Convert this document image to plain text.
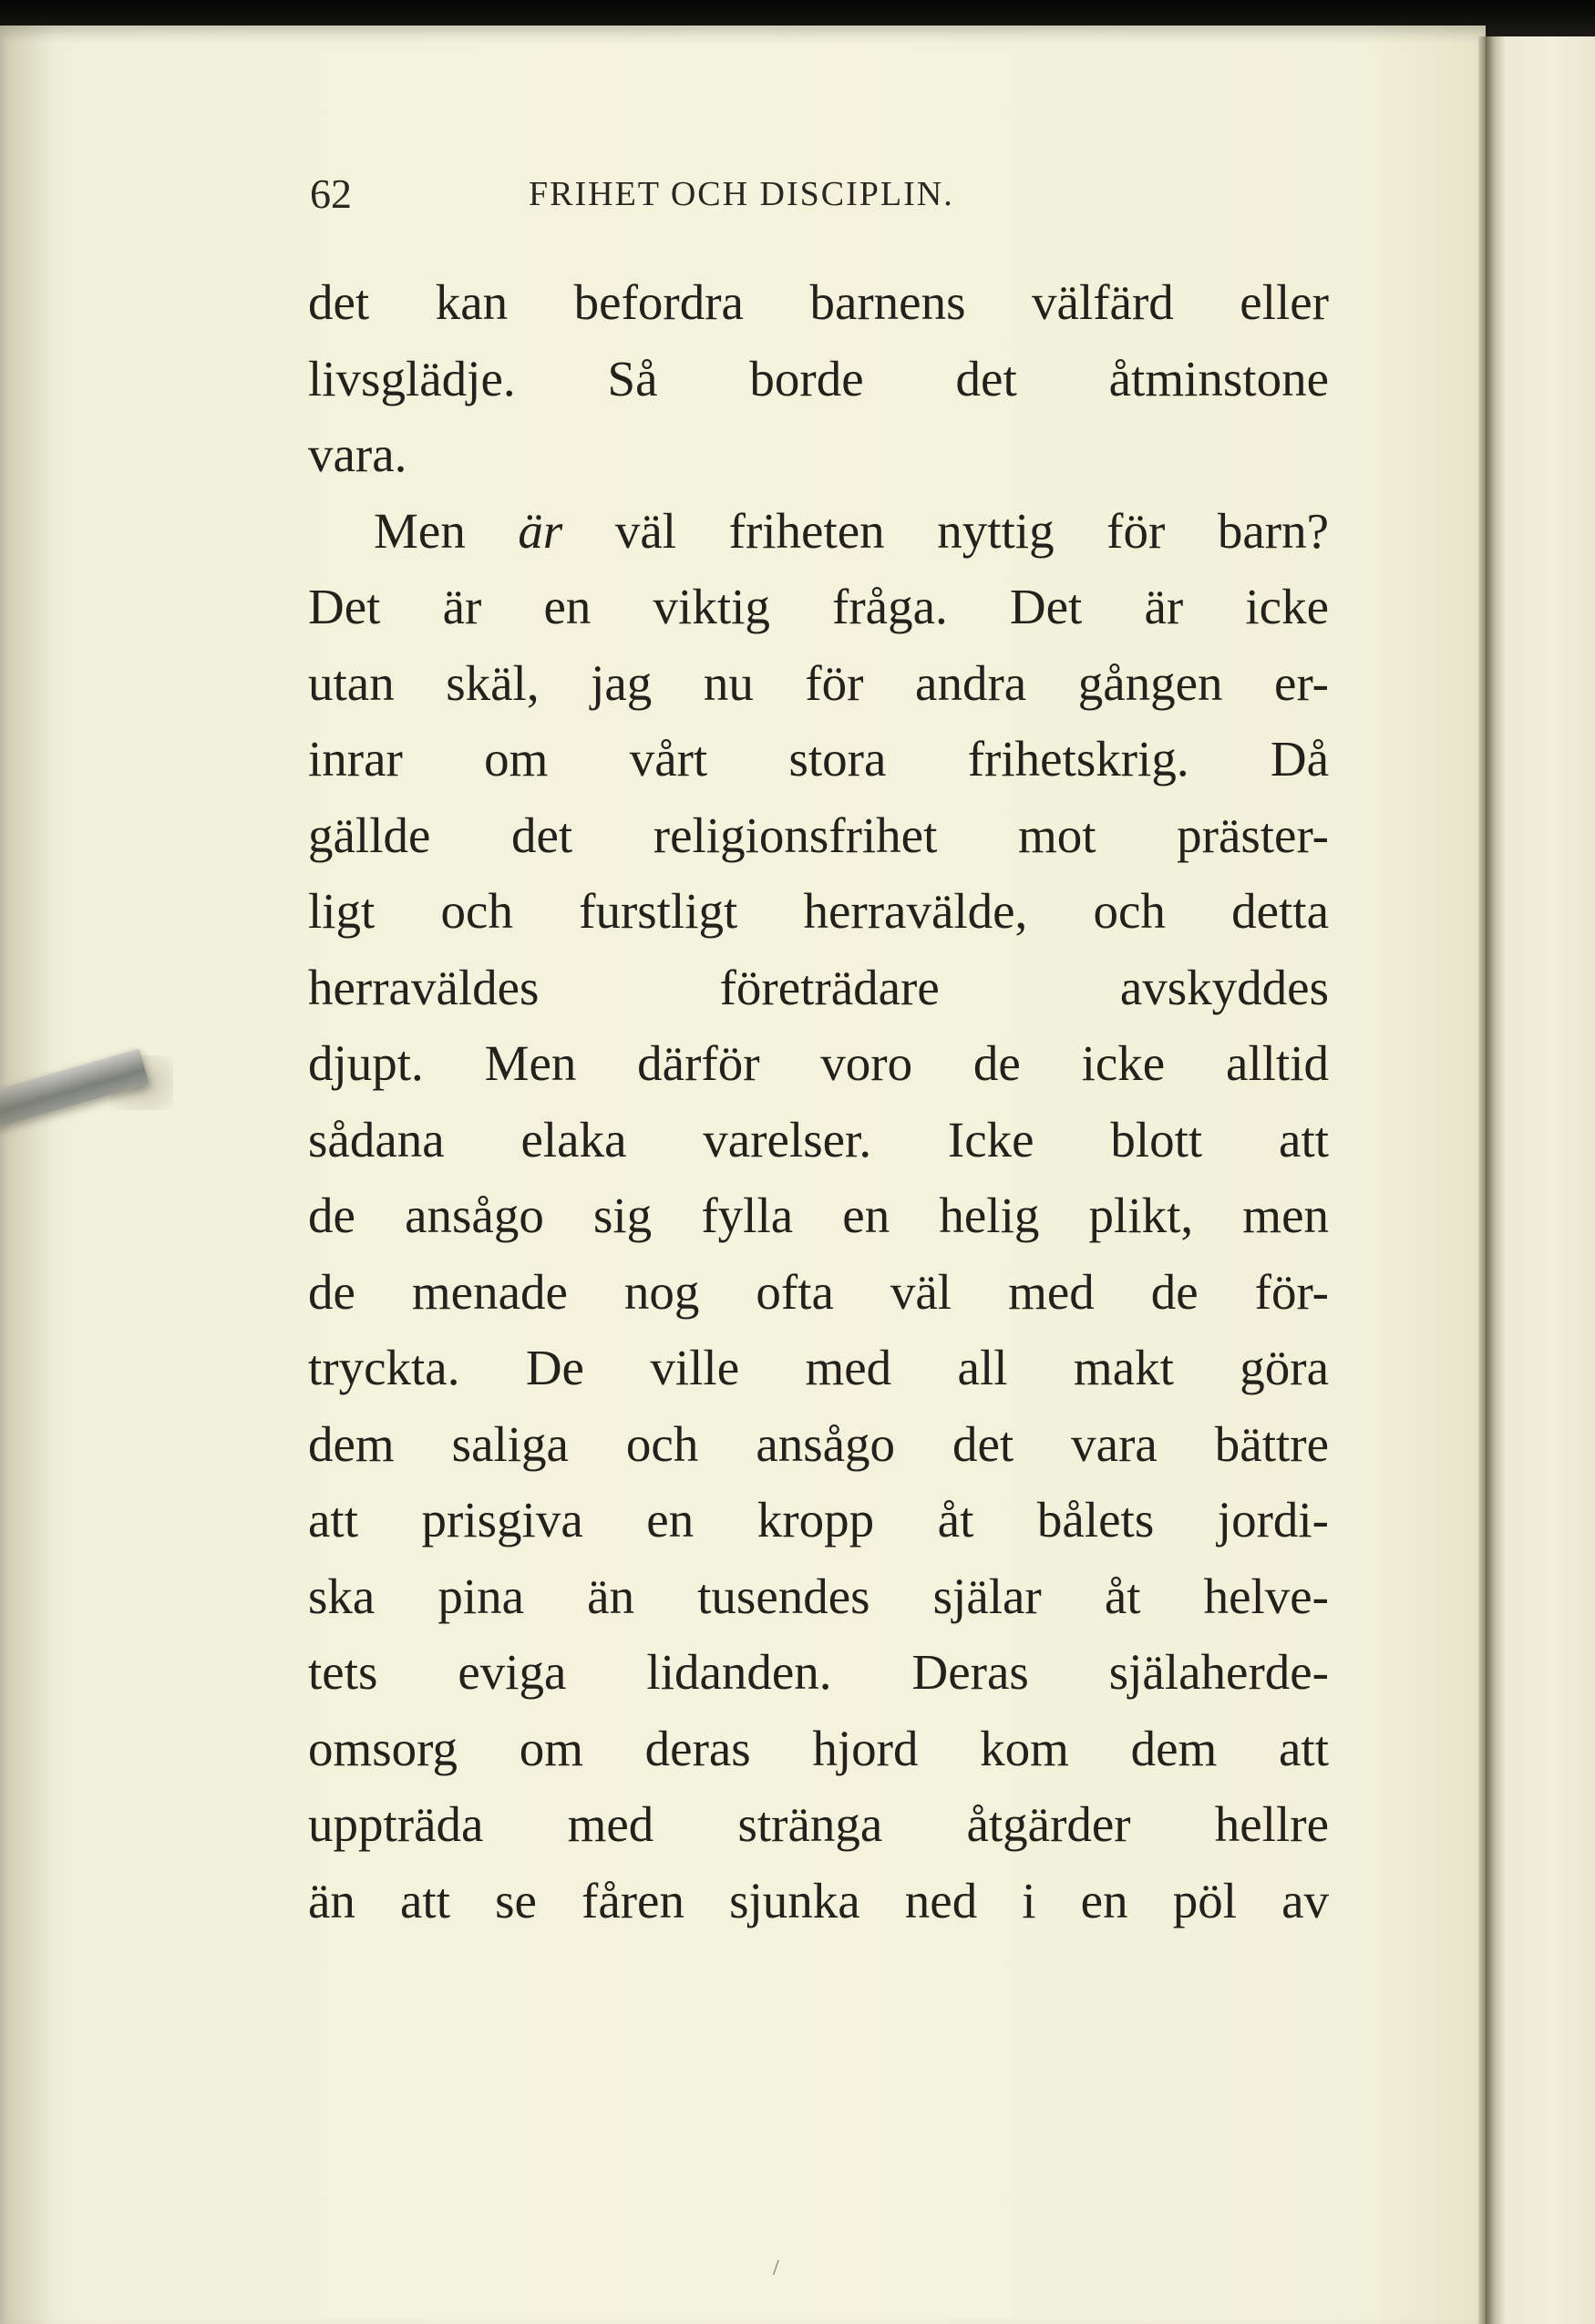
62	FRIHET OCH DISCIPLIN.
det kan befordra barnens välfärd eller
livsglädje. Så borde det åtminstone
vara.
Men är väl friheten nyttig för barn?
Det är en viktig fråga. Det är icke
utan skäl, jag nu för andra gången er-
inrar om vårt stora frihetskrig. Då
gällde det religionsfrihet mot präster-
ligt och furstligt herravälde, och detta
herraväldes företrädare avskyddes
djupt. Men därför voro de icke alltid
sådana elaka varelser. Icke blott att
de ansågo sig fylla en helig plikt, men
de menade nog ofta väl med de för-
tryckta. De ville med all makt göra
dem saliga och ansågo det vara bättre
att prisgiva en kropp åt bålets jordi-
ska pina än tusendes själar åt helve-
tets eviga lidanden. Deras själaherde-
omsorg om deras hjord kom dem att
uppträda med stränga åtgärder hellre
än att se fåren sjunka ned i en pöl av
/
